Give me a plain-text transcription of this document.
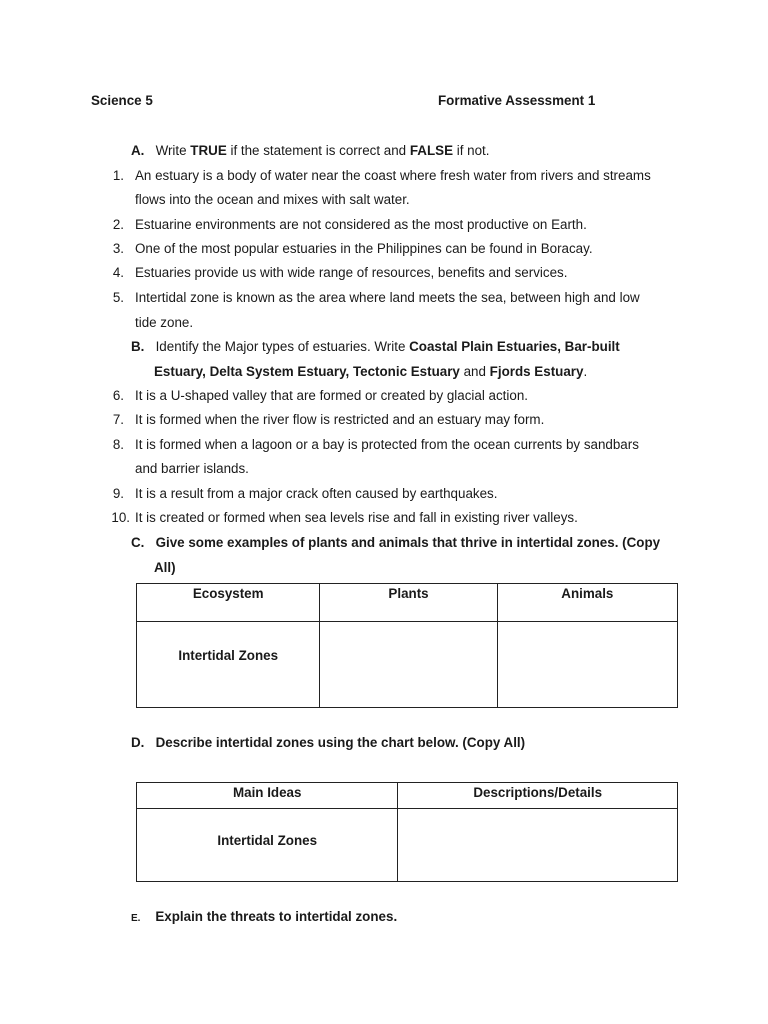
Science 5	Formative Assessment 1
A. Write TRUE if the statement is correct and FALSE if not.
1. An estuary is a body of water near the coast where fresh water from rivers and streams
flows into the ocean and mixes with salt water.
2. Estuarine environments are not considered as the most productive on Earth.
3. One of the most popular estuaries in the Philippines can be found in Boracay.
4. Estuaries provide us with wide range of resources, benefits and services.
5. Intertidal zone is known as the area where land meets the sea, between high and low
tide zone.
B. Identify the Major types of estuaries. Write Coastal Plain Estuaries, Bar-built
Estuary, Delta System Estuary, Tectonic Estuary and Fjords Estuary.
6. It is a U-shaped valley that are formed or created by glacial action.
7. It is formed when the river flow is restricted and an estuary may form.
8. It is formed when a lagoon or a bay is protected from the ocean currents by sandbars
and barrier islands.
9. It is a result from a major crack often caused by earthquakes.
10. It is created or formed when sea levels rise and fall in existing river valleys.
C. Give some examples of plants and animals that thrive in intertidal zones. (Copy
All)
Ecosystem	Plants	Animals
Intertidal Zones		
D. Describe intertidal zones using the chart below. (Copy All)
Main Ideas	Descriptions/Details
Intertidal Zones	
E. Explain the threats to intertidal zones.
